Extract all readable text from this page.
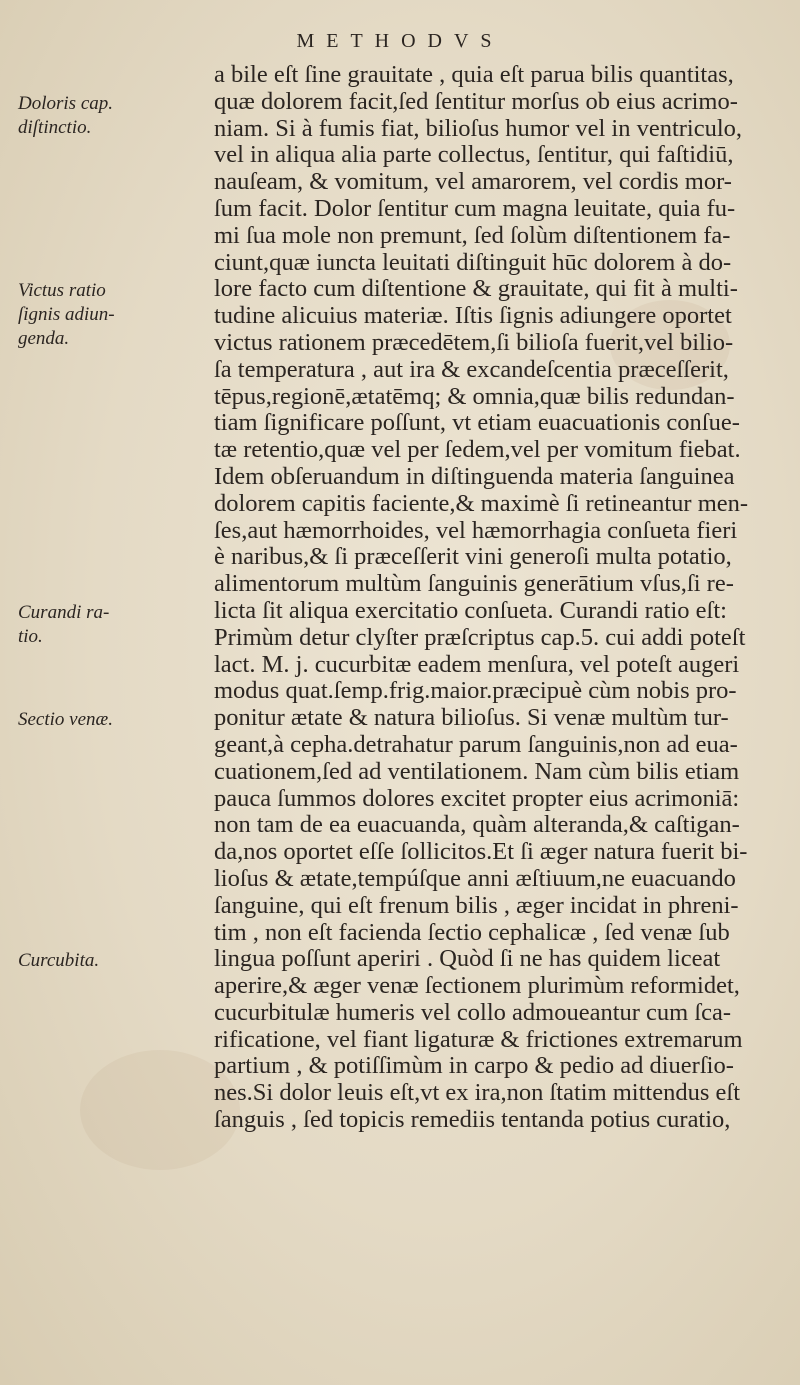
METHODVS
a bile eſt ſine grauitate , quia eſt parua bilis quantitas,
quæ dolorem facit,ſed ſentitur morſus ob eius acrimo-
niam. Si à fumis fiat, bilioſus humor vel in ventriculo,
vel in aliqua alia parte collectus, ſentitur, qui faſtidiū,
nauſeam, & vomitum, vel amarorem, vel cordis mor-
ſum facit. Dolor ſentitur cum magna leuitate, quia fu-
mi ſua mole non premunt, ſed ſolùm diſtentionem fa-
ciunt,quæ iuncta leuitati diſtinguit hūc dolorem à do-
lore facto cum diſtentione & grauitate, qui fit à multi-
tudine alicuius materiæ. Iſtis ſignis adiungere oportet
victus rationem præcedētem,ſi bilioſa fuerit,vel bilio-
ſa temperatura , aut ira & excandeſcentia præceſſerit,
tēpus,regionē,ætatēmq; & omnia,quæ bilis redundan-
tiam ſignificare poſſunt, vt etiam euacuationis conſue-
tæ retentio,quæ vel per ſedem,vel per vomitum fiebat.
Idem obſeruandum in diſtinguenda materia ſanguinea
dolorem capitis faciente,& maximè ſi retineantur men-
ſes,aut hæmorrhoides, vel hæmorrhagia conſueta fieri
è naribus,& ſi præceſſerit vini generoſi multa potatio,
alimentorum multùm ſanguinis generātium vſus,ſi re-
licta ſit aliqua exercitatio conſueta. Curandi ratio eſt:
Primùm detur clyſter præſcriptus cap.5. cui addi poteſt
lact. M. j. cucurbitæ eadem menſura, vel poteſt augeri
modus quat.ſemp.frig.maior.præcipuè cùm nobis pro-
ponitur ætate & natura bilioſus. Si venæ multùm tur-
geant,à cepha.detrahatur parum ſanguinis,non ad eua-
cuationem,ſed ad ventilationem. Nam cùm bilis etiam
pauca ſummos dolores excitet propter eius acrimoniā:
non tam de ea euacuanda, quàm alteranda,& caſtigan-
da,nos oportet eſſe ſollicitos.Et ſi æger natura fuerit bi-
lioſus & ætate,tempúſque anni æſtiuum,ne euacuando
ſanguine, qui eſt frenum bilis , æger incidat in phreni-
tim , non eſt facienda ſectio cephalicæ , ſed venæ ſub
lingua poſſunt aperiri . Quòd ſi ne has quidem liceat
aperire,& æger venæ ſectionem plurimùm reformidet,
cucurbitulæ humeris vel collo admoueantur cum ſca-
rificatione, vel fiant ligaturæ & frictiones extremarum
partium , & potiſſimùm in carpo & pedio ad diuerſio-
nes.Si dolor leuis eſt,vt ex ira,non ſtatim mittendus eſt
ſanguis , ſed topicis remediis tentanda potius curatio,
Doloris cap.
diſtinctio.
Victus ratio
ſignis adiun-
genda.
Curandi ra-
tio.
Sectio venæ.
Curcubita.
